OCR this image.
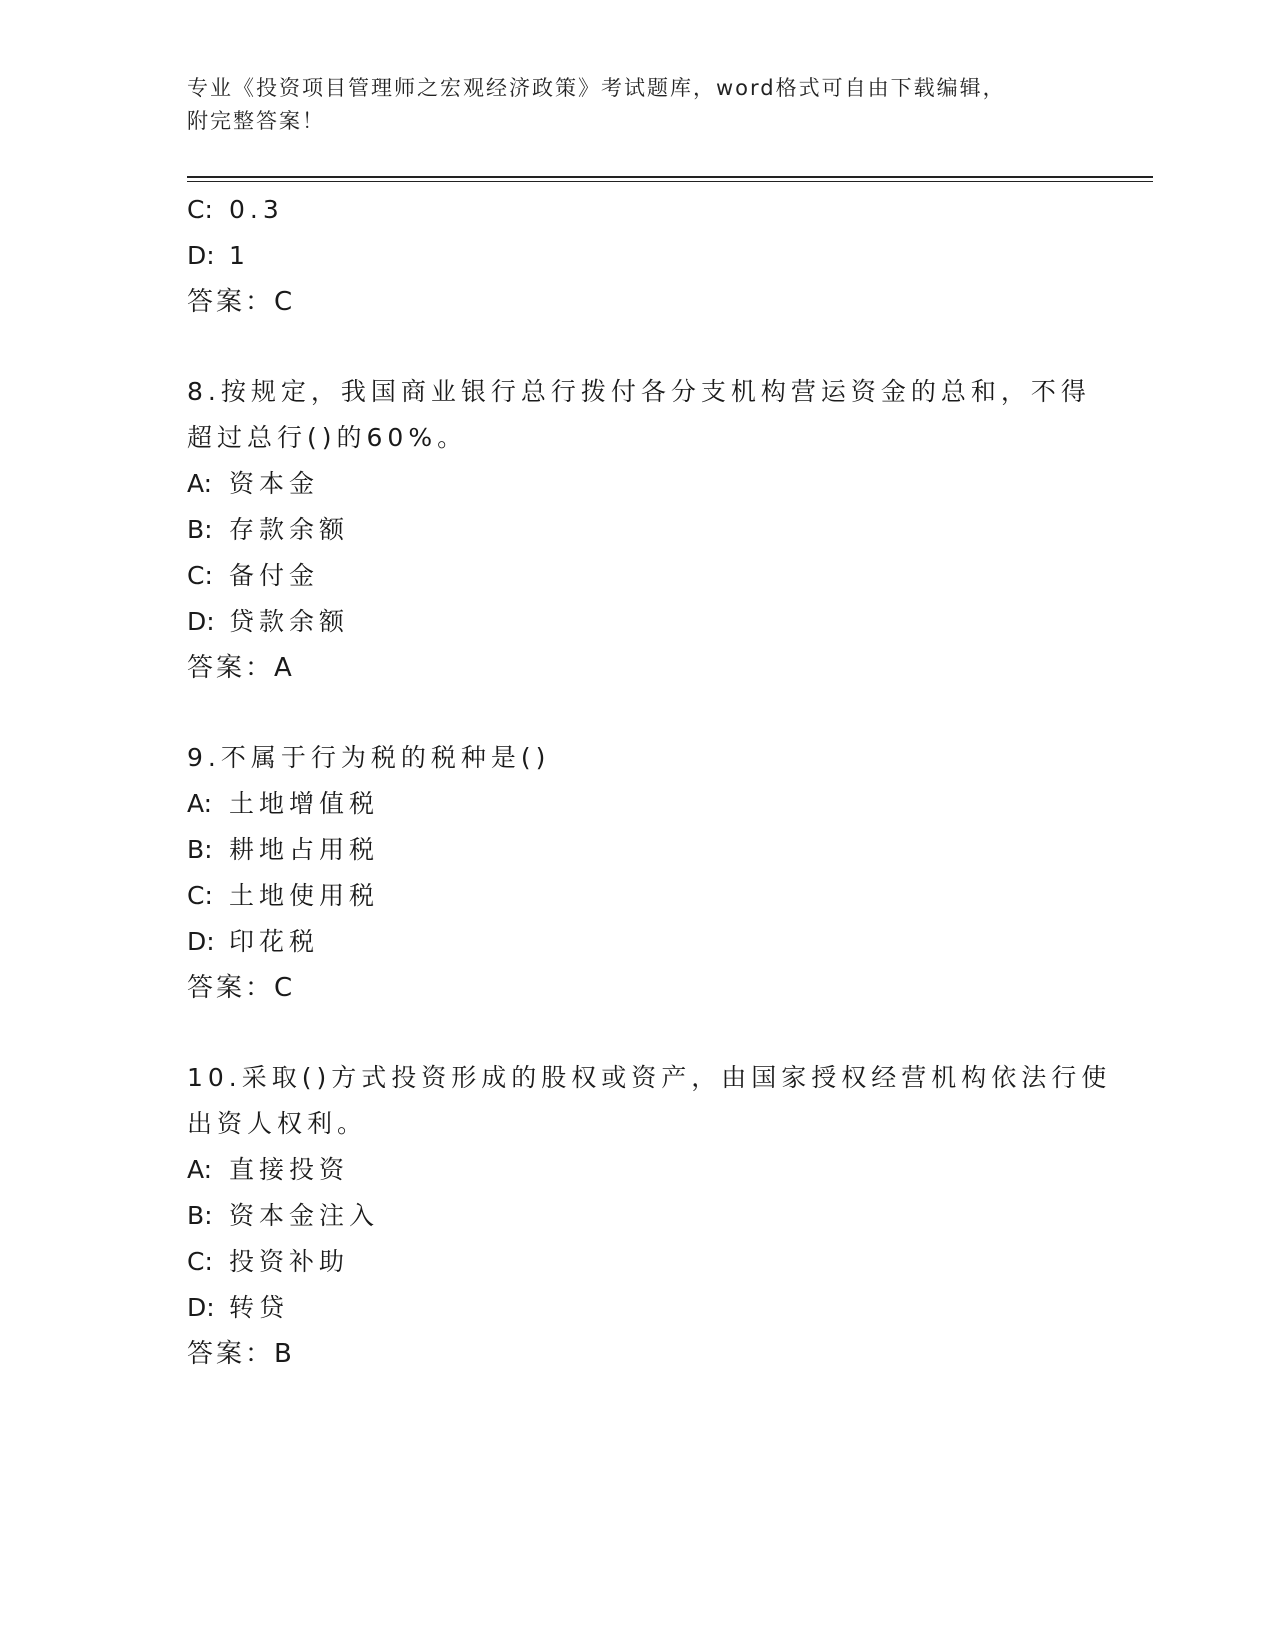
专业《投资项目管理师之宏观经济政策》考试题库，word格式可自由下载编辑，
附完整答案！
C: 0.3
D: 1
答案：C
8.按规定，我国商业银行总行拨付各分支机构营运资金的总和，不得
超过总行()的60%。
A: 资本金
B: 存款余额
C: 备付金
D: 贷款余额
答案：A
9.不属于行为税的税种是()
A: 土地增值税
B: 耕地占用税
C: 土地使用税
D: 印花税
答案：C
10.采取()方式投资形成的股权或资产，由国家授权经营机构依法行使
出资人权利。
A: 直接投资
B: 资本金注入
C: 投资补助
D: 转贷
答案：B
